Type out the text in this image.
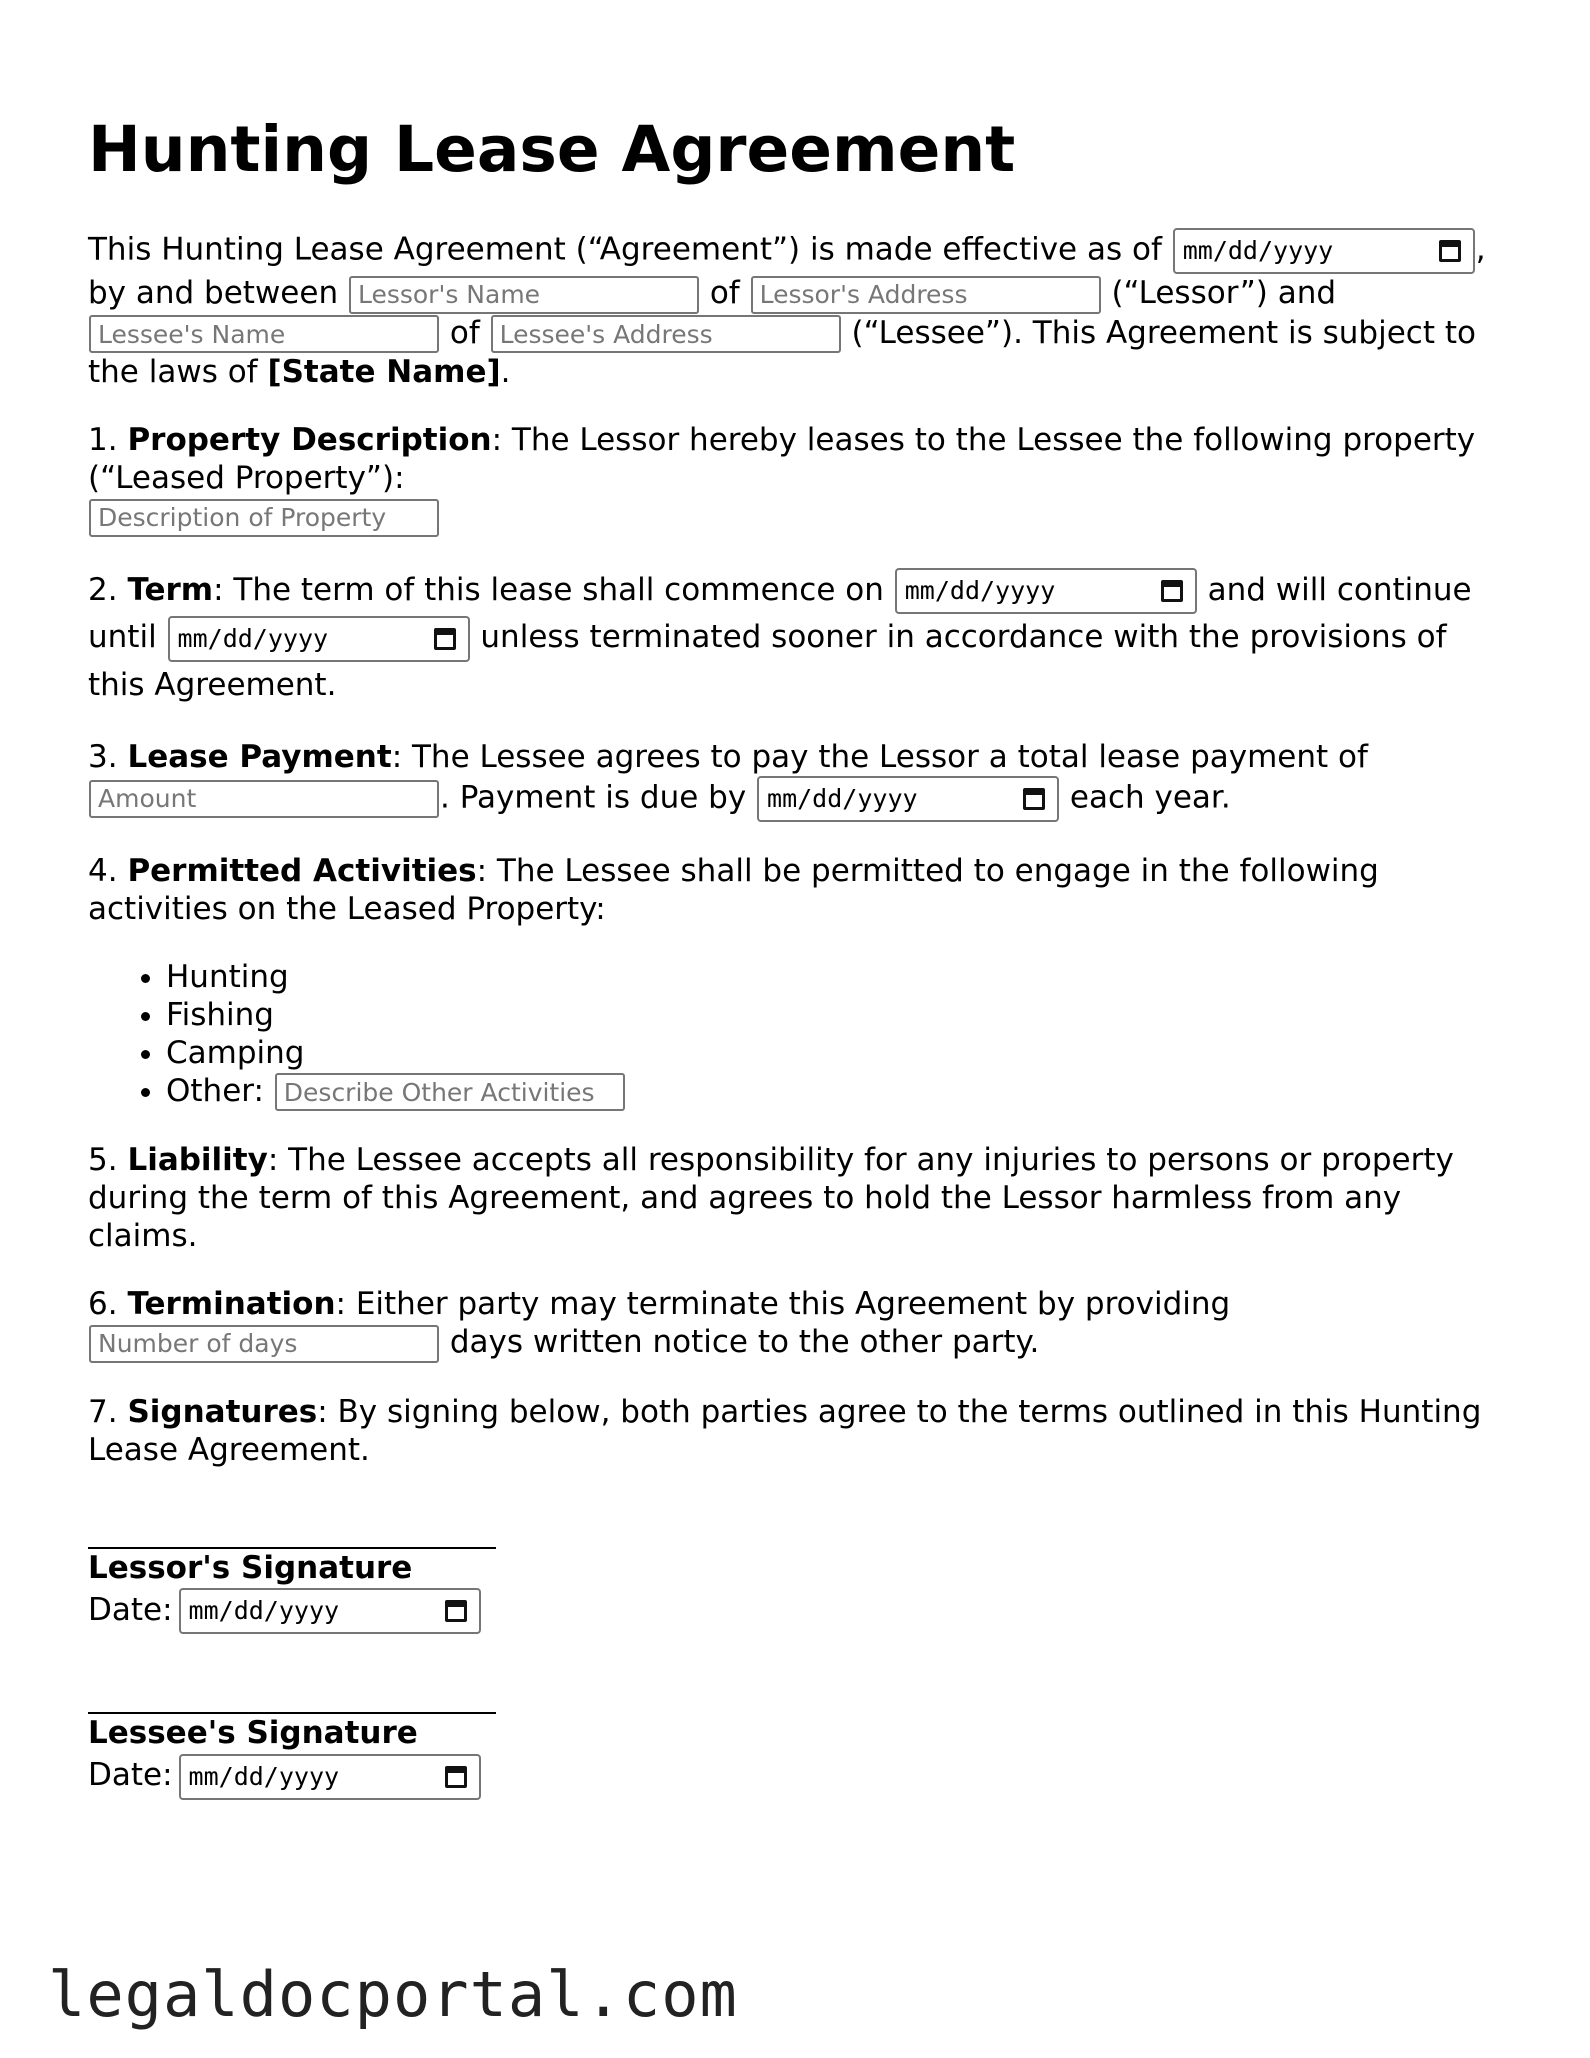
Hunting Lease Agreement

This Hunting Lease Agreement (“Agreement”) is made effective as of mm/dd/yyyy	, by and between Lessor's Name	of Lessor's Address	(“Lessor”) and Lessee's Name of Lessee's Address	(“Lessee”). This Agreement is subject to the laws of [State Name].

1. Property Description: The Lessor hereby leases to the Lessee the following property (“Leased Property”):
Description of Property

2. Term: The term of this lease shall commence on mm/dd/yyyy	and will continue until mm/dd/yyyy	unless terminated sooner in accordance with the provisions of this Agreement.

3. Lease Payment: The Lessee agrees to pay the Lessor a total lease payment of
Amount. Payment is due by mm/dd/yyyy	each year.

4. Permitted Activities: The Lessee shall be permitted to engage in the following activities on the Leased Property:

• Hunting
• Fishing
• Camping
• Other: Describe Other Activities

5. Liability: The Lessee accepts all responsibility for any injuries to persons or property during the term of this Agreement, and agrees to hold the Lessor harmless from any claims.

6. Termination: Either party may terminate this Agreement by providing
Number of days days written notice to the other party.

7. Signatures: By signing below, both parties agree to the terms outlined in this Hunting Lease Agreement.

Lessor's Signature
Date: mm/dd/yyyy
Lessee's Signature
Date: mm/dd/yyyy
legaldocportal.com
